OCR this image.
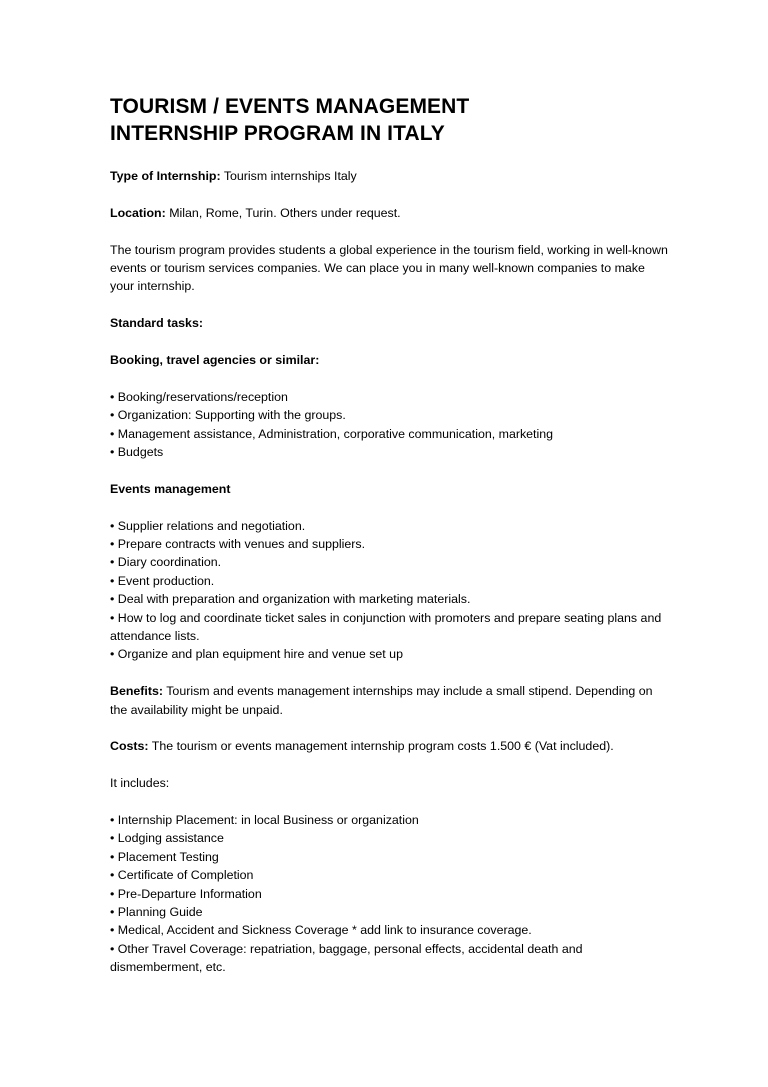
TOURISM / EVENTS MANAGEMENT
INTERNSHIP PROGRAM IN ITALY

Type of Internship: Tourism internships Italy

Location: Milan, Rome, Turin. Others under request.

The tourism program provides students a global experience in the tourism field, working in well-known events or tourism services companies. We can place you in many well-known companies to make your internship.

Standard tasks:

Booking, travel agencies or similar:

• Booking/reservations/reception
• Organization: Supporting with the groups.
• Management assistance, Administration, corporative communication, marketing
• Budgets

Events management

• Supplier relations and negotiation.
• Prepare contracts with venues and suppliers.
• Diary coordination.
• Event production.
• Deal with preparation and organization with marketing materials.
• How to log and coordinate ticket sales in conjunction with promoters and prepare seating plans and attendance lists.
• Organize and plan equipment hire and venue set up

Benefits: Tourism and events management internships may include a small stipend. Depending on the availability might be unpaid.

Costs: The tourism or events management internship program costs 1.500 € (Vat included).

It includes:

• Internship Placement: in local Business or organization
• Lodging assistance
• Placement Testing
• Certificate of Completion
• Pre-Departure Information
• Planning Guide
• Medical, Accident and Sickness Coverage * add link to insurance coverage.
• Other Travel Coverage: repatriation, baggage, personal effects, accidental death and dismemberment, etc.
